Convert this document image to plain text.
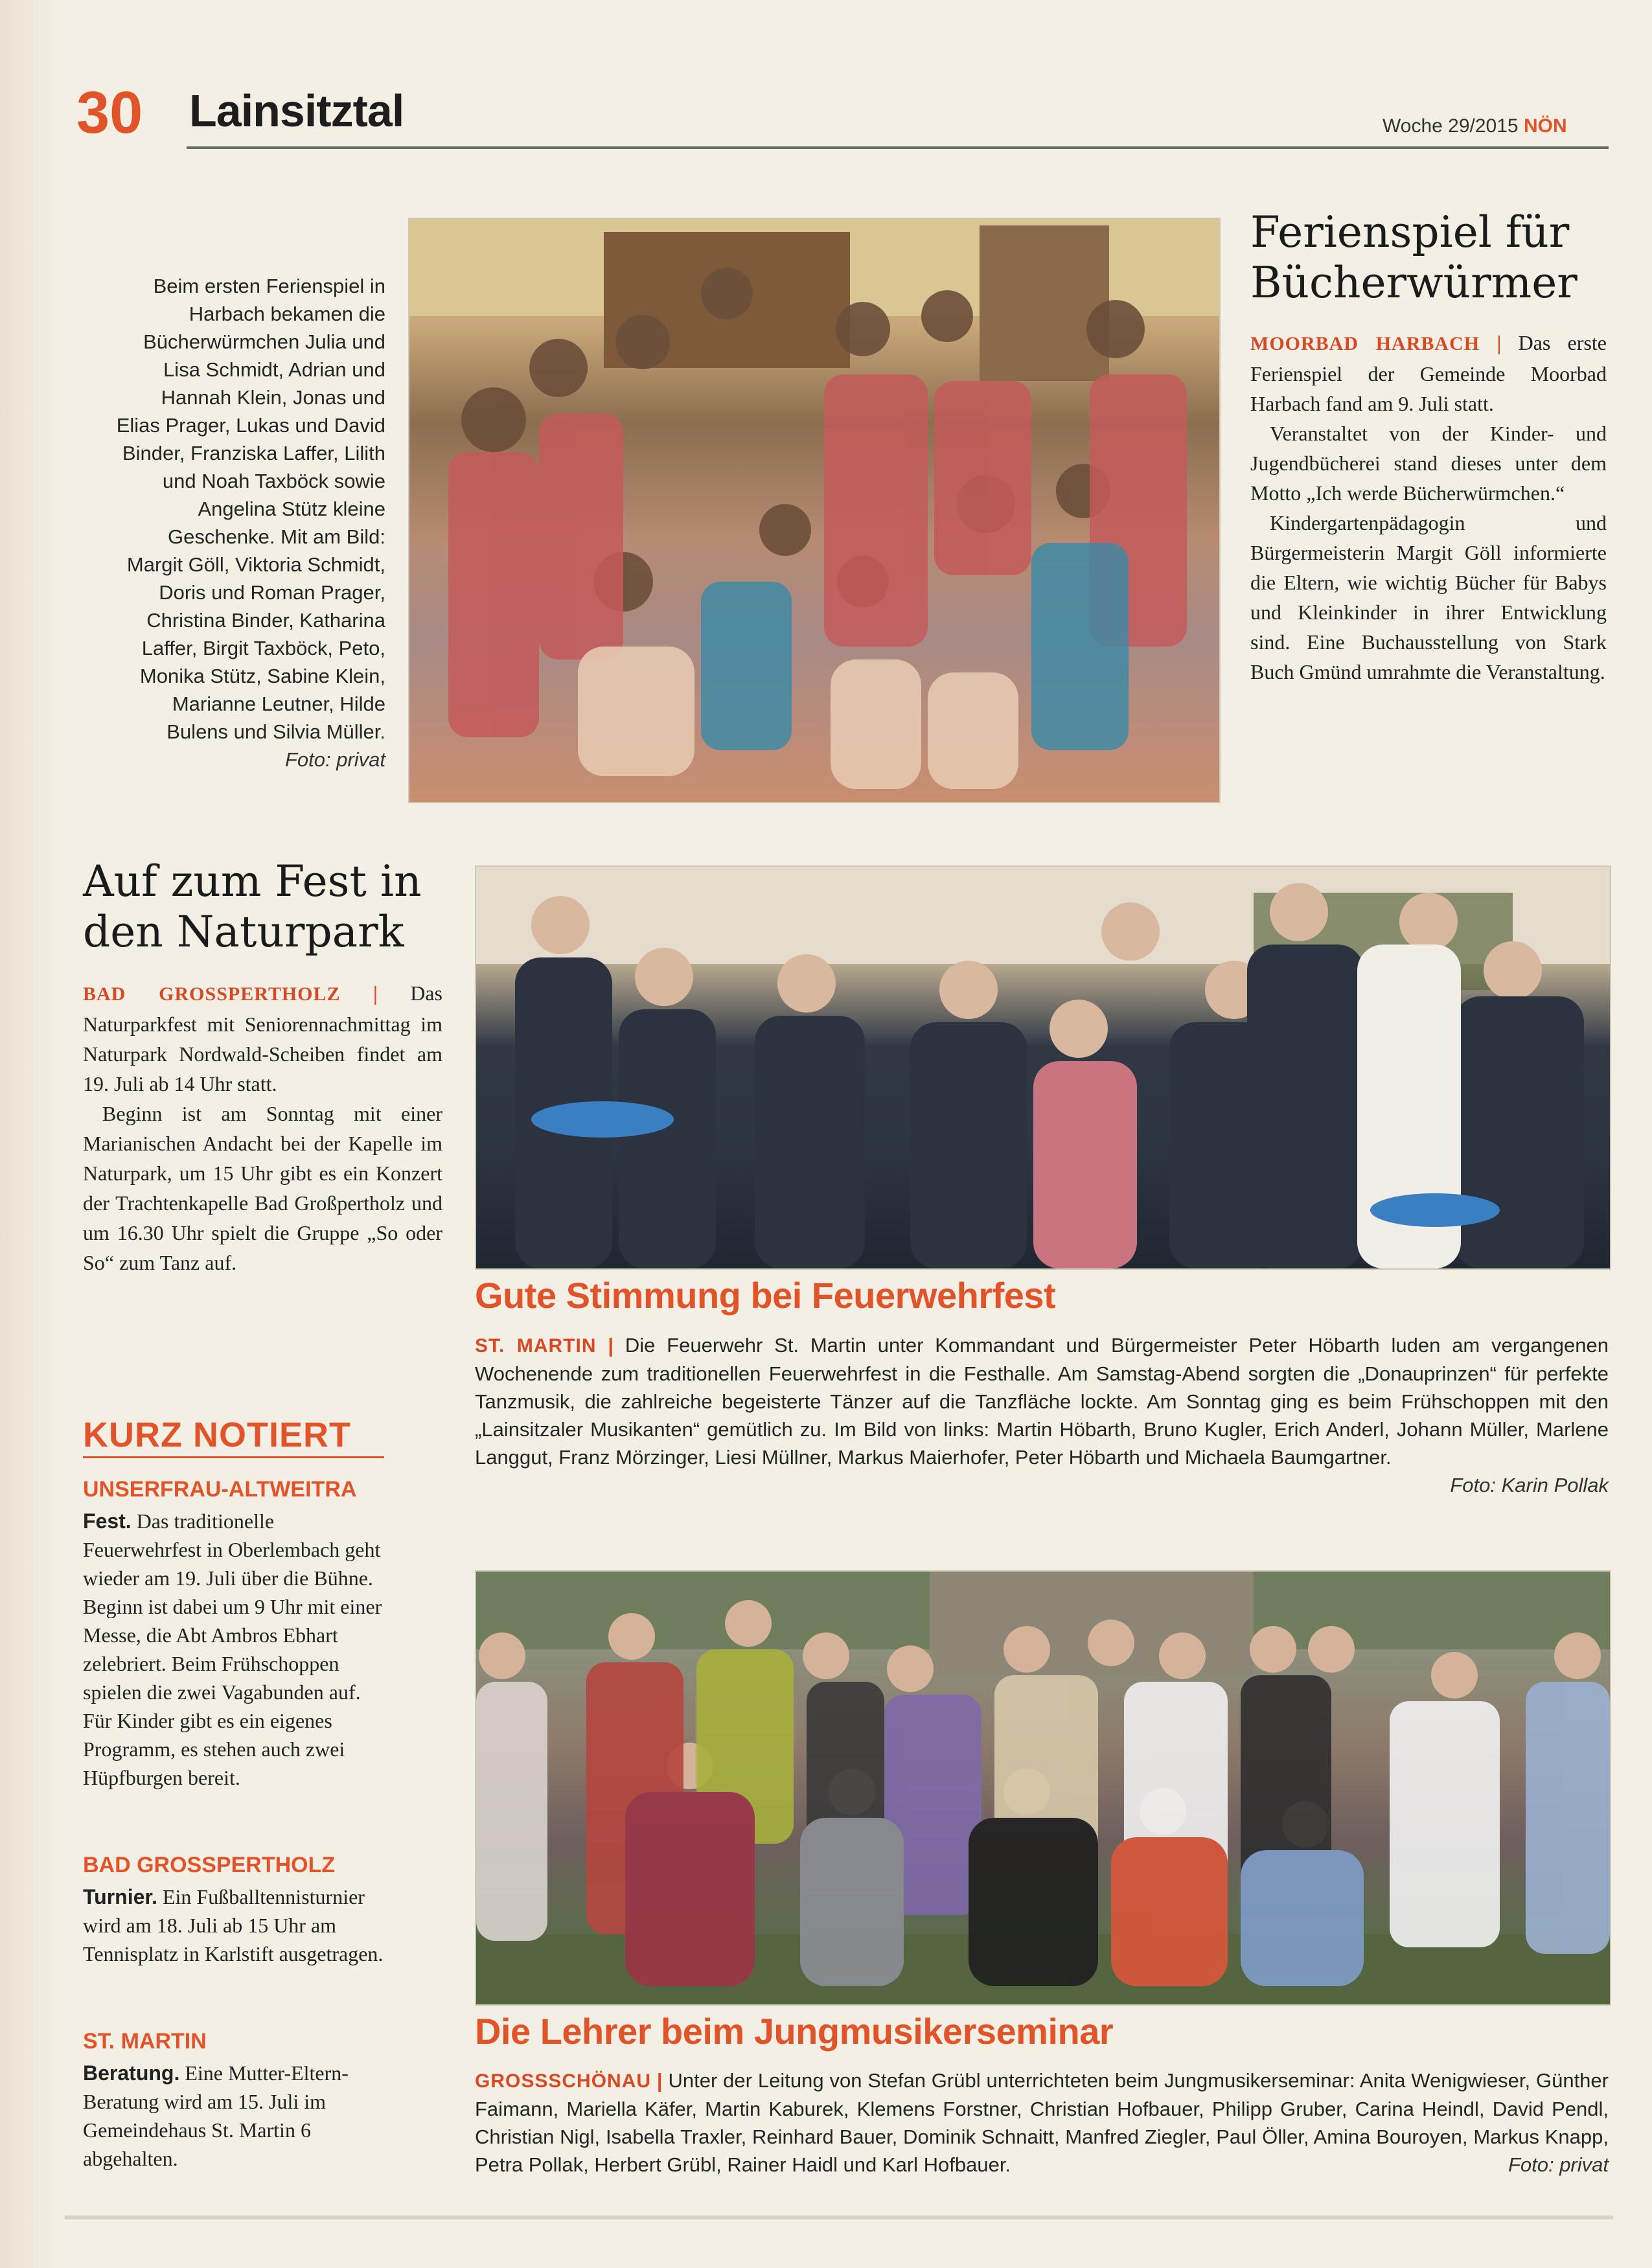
30 Lainsitztal	Woche 29/2015 NÖN
Beim ersten Ferienspiel in Harbach bekamen die Bücherwürmchen Julia und Lisa Schmidt, Adrian und Hannah Klein, Jonas und Elias Prager, Lukas und David Binder, Franziska Laffer, Lilith und Noah Taxböck sowie Angelina Stütz kleine Geschenke. Mit am Bild: Margit Göll, Viktoria Schmidt, Doris und Roman Prager, Christina Binder, Katharina Laffer, Birgit Taxböck, Peto, Monika Stütz, Sabine Klein, Marianne Leutner, Hilde Bulens und Silvia Müller.
Foto: privat
Ferienspiel für Bücherwürmer

MOORBAD HARBACH | Das erste Ferienspiel der Gemeinde Moorbad Harbach fand am 9. Juli statt.

Veranstaltet von der Kinder- und Jugendbücherei stand dieses unter dem Motto „Ich werde Bücherwürmchen.“

Kindergartenpädagogin und Bürgermeisterin Margit Göll informierte die Eltern, wie wichtig Bücher für Babys und Kleinkinder in ihrer Entwicklung sind. Eine Buchausstellung von Stark Buch Gmünd umrahmte die Veranstaltung.

Auf zum Fest in den Naturpark

BAD GROSSPERTHOLZ | Das Naturparkfest mit Seniorennachmittag im Naturpark Nordwald-Scheiben findet am 19. Juli ab 14 Uhr statt.

Beginn ist am Sonntag mit einer Marianischen Andacht bei der Kapelle im Naturpark, um 15 Uhr gibt es ein Konzert der Trachtenkapelle Bad Großpertholz und um 16.30 Uhr spielt die Gruppe „So oder So“ zum Tanz auf.

Gute Stimmung bei Feuerwehrfest
ST. MARTIN | Die Feuerwehr St. Martin unter Kommandant und Bürgermeister Peter Höbarth luden am vergangenen Wochenende zum traditionellen Feuerwehrfest in die Festhalle. Am Samstag-Abend sorgten die „Donauprinzen“ für perfekte Tanzmusik, die zahlreiche begeisterte Tänzer auf die Tanzfläche lockte. Am Sonntag ging es beim Frühschoppen mit den „Lainsitzaler Musikanten“ gemütlich zu. Im Bild von links: Martin Höbarth, Bruno Kugler, Erich Anderl, Johann Müller, Marlene Langgut, Franz Mörzinger, Liesi Müllner, Markus Maierhofer, Peter Höbarth und Michaela Baumgartner.
Foto: Karin Pollak
KURZ NOTIERT
UNSERFRAU-ALTWEITRA
Fest. Das traditionelle Feuerwehrfest in Oberlembach geht wieder am 19. Juli über die Bühne. Beginn ist dabei um 9 Uhr mit einer Messe, die Abt Ambros Ebhart zelebriert. Beim Frühschoppen spielen die zwei Vagabunden auf. Für Kinder gibt es ein eigenes Programm, es stehen auch zwei Hüpfburgen bereit.
BAD GROSSPERTHOLZ
Turnier. Ein Fußballtennisturnier wird am 18. Juli ab 15 Uhr am Tennisplatz in Karlstift ausgetragen.
ST. MARTIN
Beratung. Eine Mutter-Eltern-Beratung wird am 15. Juli im Gemeindehaus St. Martin 6 abgehalten.
Die Lehrer beim Jungmusikerseminar
GROSSSCHÖNAU | Unter der Leitung von Stefan Grübl unterrichteten beim Jungmusikerseminar: Anita Wenigwieser, Günther Faimann, Mariella Käfer, Martin Kaburek, Klemens Forstner, Christian Hofbauer, Philipp Gruber, Carina Heindl, David Pendl, Christian Nigl, Isabella Traxler, Reinhard Bauer, Dominik Schnaitt, Manfred Ziegler, Paul Öller, Amina Bouroyen, Markus Knapp, Petra Pollak, Herbert Grübl, Rainer Haidl und Karl Hofbauer.	Foto: privat
